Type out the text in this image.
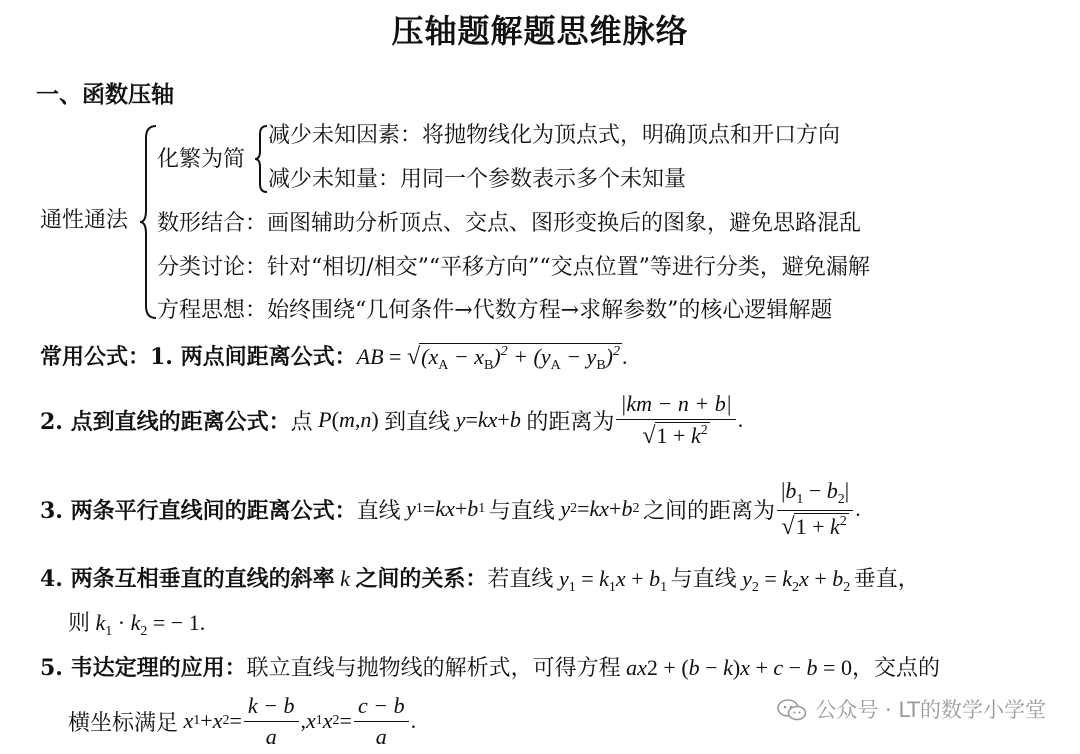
压轴题解题思维脉络
一、函数压轴
通性通法
化繁为简
减少未知因素：将抛物线化为顶点式，明确顶点和开口方向
减少未知量：用同一个参数表示多个未知量
数形结合：画图辅助分析顶点、交点、图形变换后的图象，避免思路混乱
分类讨论：针对“相切/相交”“平移方向”“交点位置”等进行分类，避免漏解
方程思想：始终围绕“几何条件→代数方程→求解参数”的核心逻辑解题
常用公式：1. 两点间距离公式：AB = $√(x_A - x_B)^2 + (y_A - y_B)^2$.
2. 点到直线的距离公式： 点 P ( m , n ) 到直线 y = kx + b 的距离为 $\frac{|km - n + b|}{√1 + k^2}$ .
3. 两条平行直线间的距离公式： 直线 y 1 = kx + b 1 与直线 y 2 = kx + b 2 之间的距离为 $\frac{|b_1 - b_2|}{√1 + k^2}$ .
4. 两条互相垂直的直线的斜率 k 之间的关系：若直线 $y_1 = k_1x + b_1$ 与直线 $y_2 = k_2x + b_2$ 垂直，
则 $k_1 \cdot k_2$ = − 1.
5. 韦达定理的应用：联立直线与抛物线的解析式，可得方程 ax2 + (b − k)x + c − b = 0，交点的
横坐标满足 x 1 + x $2 = \frac{k - b}{a}$ , x 1 x $2 = \frac{c - b}{a}$ .	公众号 · LT的数学小学堂
